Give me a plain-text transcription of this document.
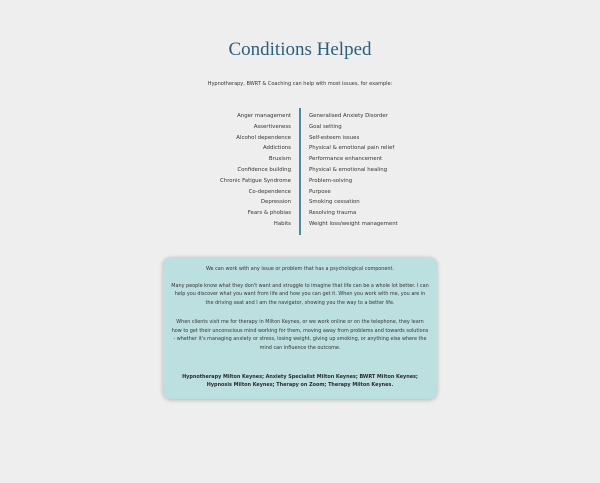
Conditions Helped
Hypnotherapy, BWRT & Coaching can help with most issues, for example:
Anger management
Assertiveness
Alcohol dependence
Addictions
Bruxism
Confidence building
Chronic Fatigue Syndrome
Co-dependence
Depression
Fears & phobias
Habits
Generalised Anxiety Disorder
Goal setting
Self-esteem issues
Physical & emotional pain relief
Performance enhancement
Physical & emotional healing
Problem-solving
Purpose
Smoking cessation
Resolving trauma
Weight loss/weight management

We can work with any issue or problem that has a psychological component.

Many people know what they don't want and struggle to imagine that life can be a whole lot better. I can help you discover what you want from life and how you can get it. When you work with me, you are in the driving seat and I am the navigator, showing you the way to a better life.

When clients visit me for therapy in Milton Keynes, or we work online or on the telephone, they learn how to get their unconscious mind working for them, moving away from problems and towards solutions - whether it's managing anxiety or stress, losing weight, giving up smoking, or anything else where the mind can influence the outcome.

Hypnotherapy Milton Keynes; Anxiety Specialist Milton Keynes; BWRT Milton Keynes; Hypnosis Milton Keynes; Therapy on Zoom; Therapy Milton Keynes.
